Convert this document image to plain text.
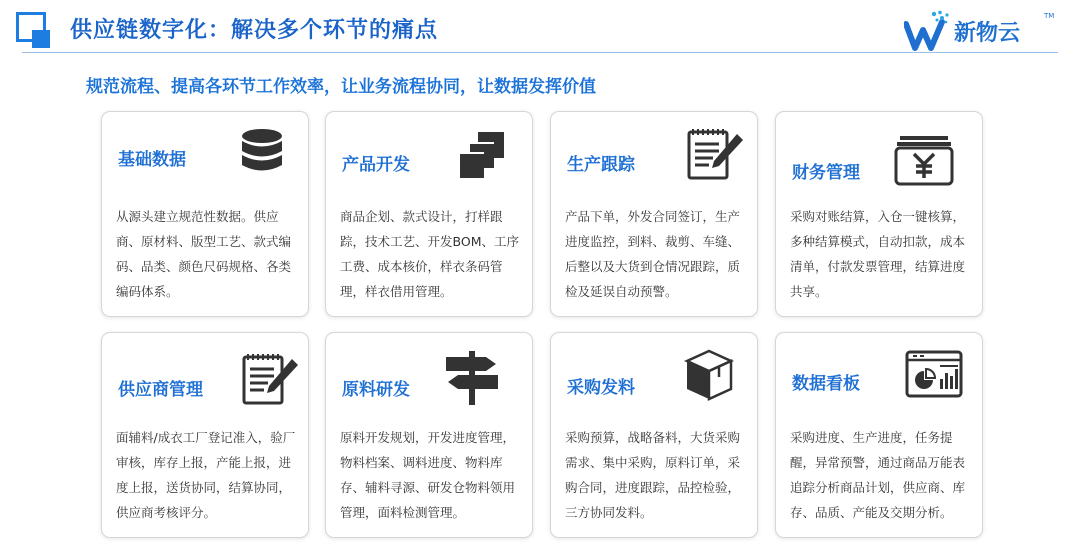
供应链数字化：解决多个环节的痛点	新物云
TM
规范流程、提高各环节工作效率，让业务流程协同，让数据发挥价值
基础数据
从源头建立规范性数据。供应商、原材料、版型工艺、款式编码、品类、颜色尺码规格、各类编码体系。
产品开发
商品企划、款式设计，打样跟踪，技术工艺、开发BOM、工序工费、成本核价，样衣条码管理，样衣借用管理。
生产跟踪
产品下单，外发合同签订，生产进度监控，到料、裁剪、车缝、后整以及大货到仓情况跟踪，质检及延误自动预警。
财务管理
采购对账结算，入仓一键核算，多种结算模式，自动扣款，成本清单，付款发票管理，结算进度共享。
供应商管理
面辅料/成衣工厂登记准入，验厂审核，库存上报，产能上报，进度上报，送货协同，结算协同，供应商考核评分。
原料研发
原料开发规划，开发进度管理，物料档案、调料进度、物料库存、辅料寻源、研发仓物料领用管理，面料检测管理。
采购发料
采购预算，战略备料，大货采购需求、集中采购，原料订单，采购合同，进度跟踪，品控检验，三方协同发料。
数据看板
采购进度、生产进度，任务提醒，异常预警，通过商品万能表追踪分析商品计划，供应商、库存、品质、产能及交期分析。
